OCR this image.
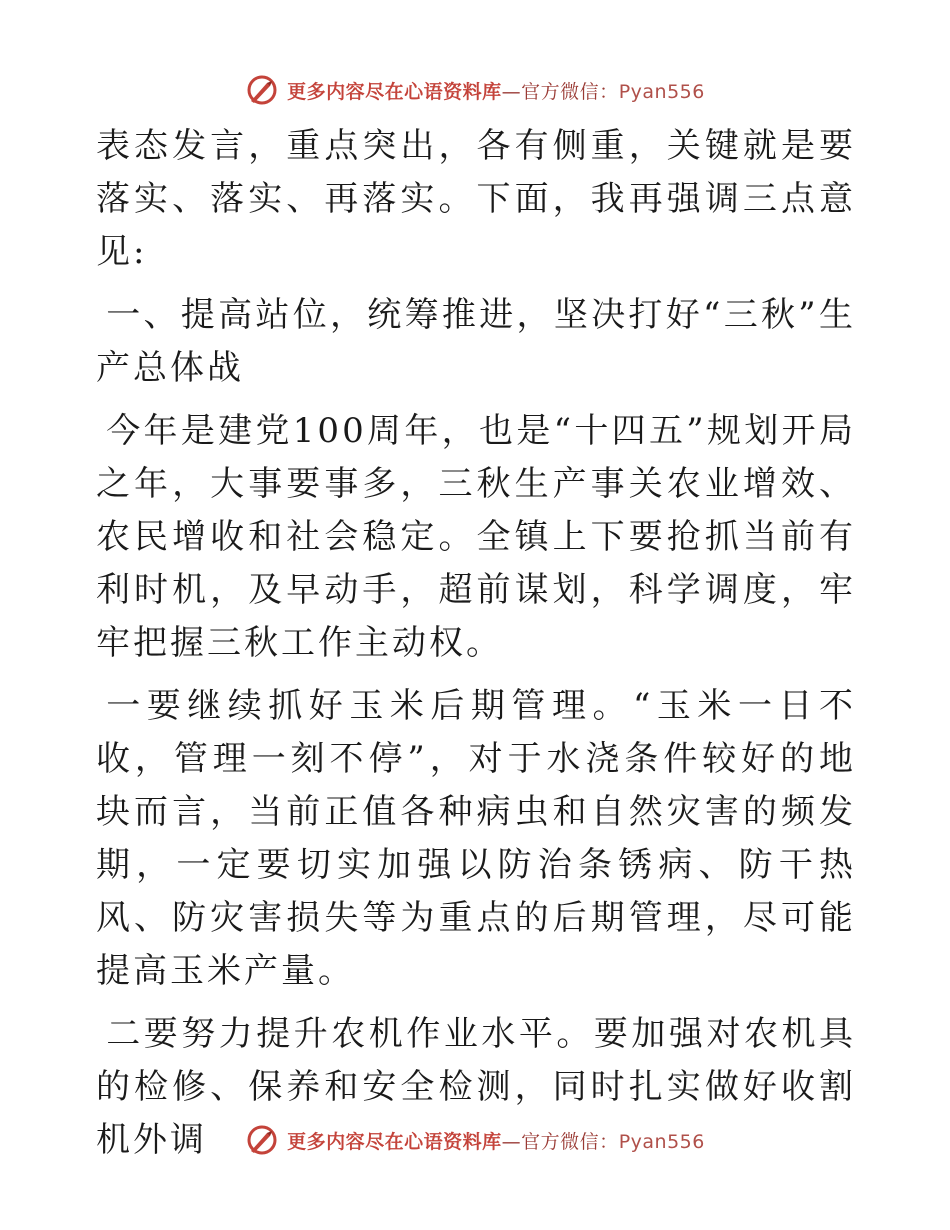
更多内容尽在心语资料库—官方微信：Pyan556

表态发言，重点突出，各有侧重，关键就是要落实、落实、再落实。下面，我再强调三点意见:

一、提高站位，统筹推进，坚决打好“三秋”生产总体战

今年是建党100周年，也是“十四五”规划开局之年，大事要事多，三秋生产事关农业增效、农民增收和社会稳定。全镇上下要抢抓当前有利时机，及早动手，超前谋划，科学调度，牢牢把握三秋工作主动权。

一要继续抓好玉米后期管理。“玉米一日不收，管理一刻不停”，对于水浇条件较好的地块而言，当前正值各种病虫和自然灾害的频发期，一定要切实加强以防治条锈病、防干热风、防灾害损失等为重点的后期管理，尽可能提高玉米产量。

二要努力提升农机作业水平。要加强对农机具的检修、保养和安全检测，同时扎实做好收割机外调	更多内容尽在心语资料库—官方微信：Pyan556
